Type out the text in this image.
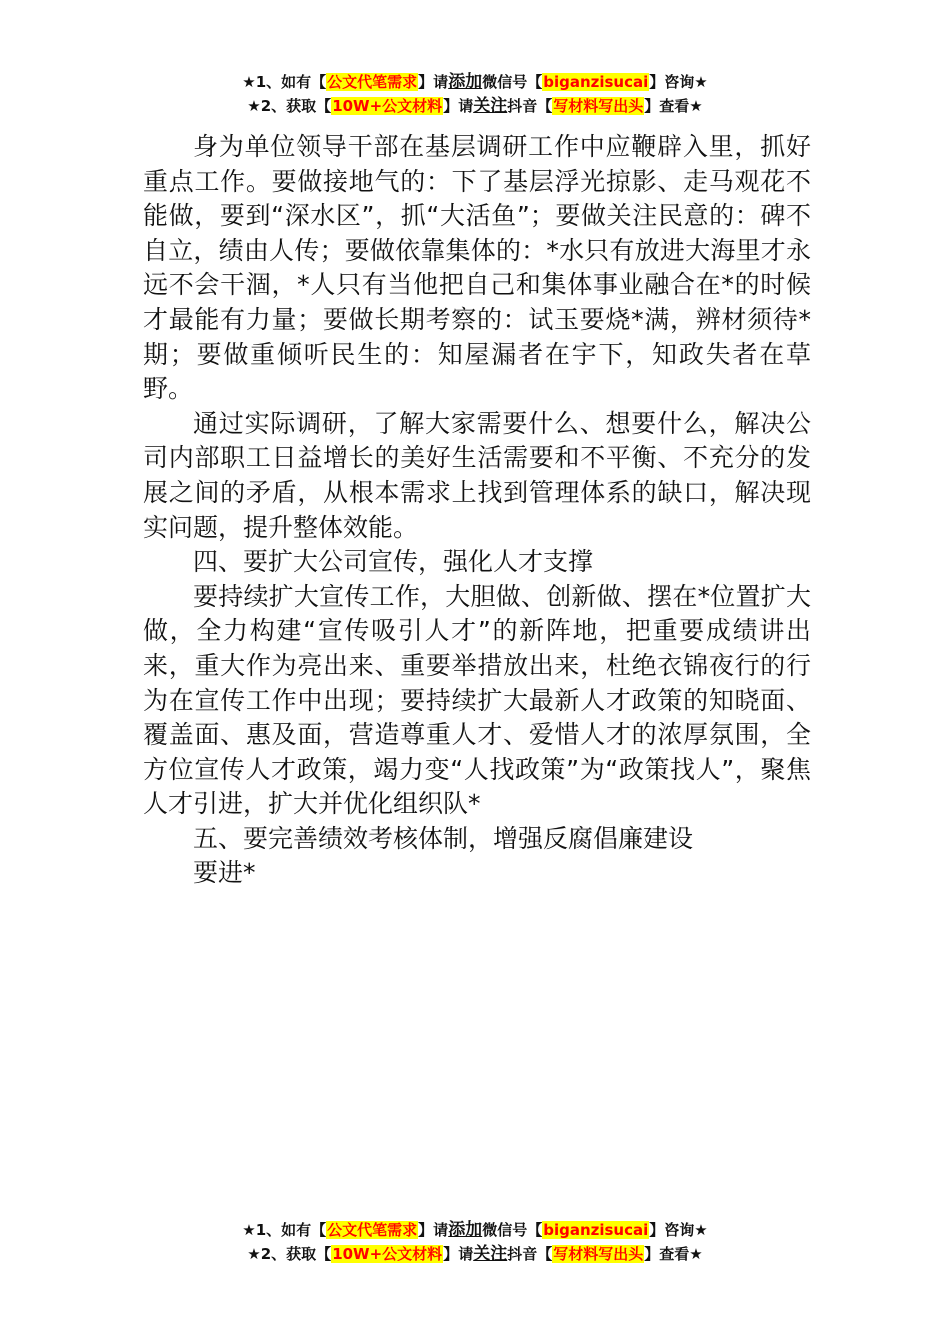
★1、如有【公文代笔需求】请添加微信号【biganzisucai】咨询★
★2、获取【10W+公文材料】请关注抖音【写材料写出头】查看★

身为单位领导干部在基层调研工作中应鞭辟入里，抓好重点工作。要做接地气的：下了基层浮光掠影、走马观花不能做，要到“深水区”，抓“大活鱼”；要做关注民意的：碑不自立，绩由人传；要做依靠集体的：*水只有放进大海里才永远不会干涸，*人只有当他把自己和集体事业融合在*的时候才最能有力量；要做长期考察的：试玉要烧*满，辨材须待*期；要做重倾听民生的：知屋漏者在宇下，知政失者在草野。

通过实际调研，了解大家需要什么、想要什么，解决公司内部职工日益增长的美好生活需要和不平衡、不充分的发展之间的矛盾，从根本需求上找到管理体系的缺口，解决现实问题，提升整体效能。

四、要扩大公司宣传，强化人才支撑

要持续扩大宣传工作，大胆做、创新做、摆在*位置扩大做，全力构建“宣传吸引人才”的新阵地，把重要成绩讲出来，重大作为亮出来、重要举措放出来，杜绝衣锦夜行的行为在宣传工作中出现；要持续扩大最新人才政策的知晓面、覆盖面、惠及面，营造尊重人才、爱惜人才的浓厚氛围，全方位宣传人才政策，竭力变“人找政策”为“政策找人”，聚焦人才引进，扩大并优化组织队*

五、要完善绩效考核体制，增强反腐倡廉建设

要进*

★1、如有【公文代笔需求】请添加微信号【biganzisucai】咨询★
★2、获取【10W+公文材料】请关注抖音【写材料写出头】查看★
